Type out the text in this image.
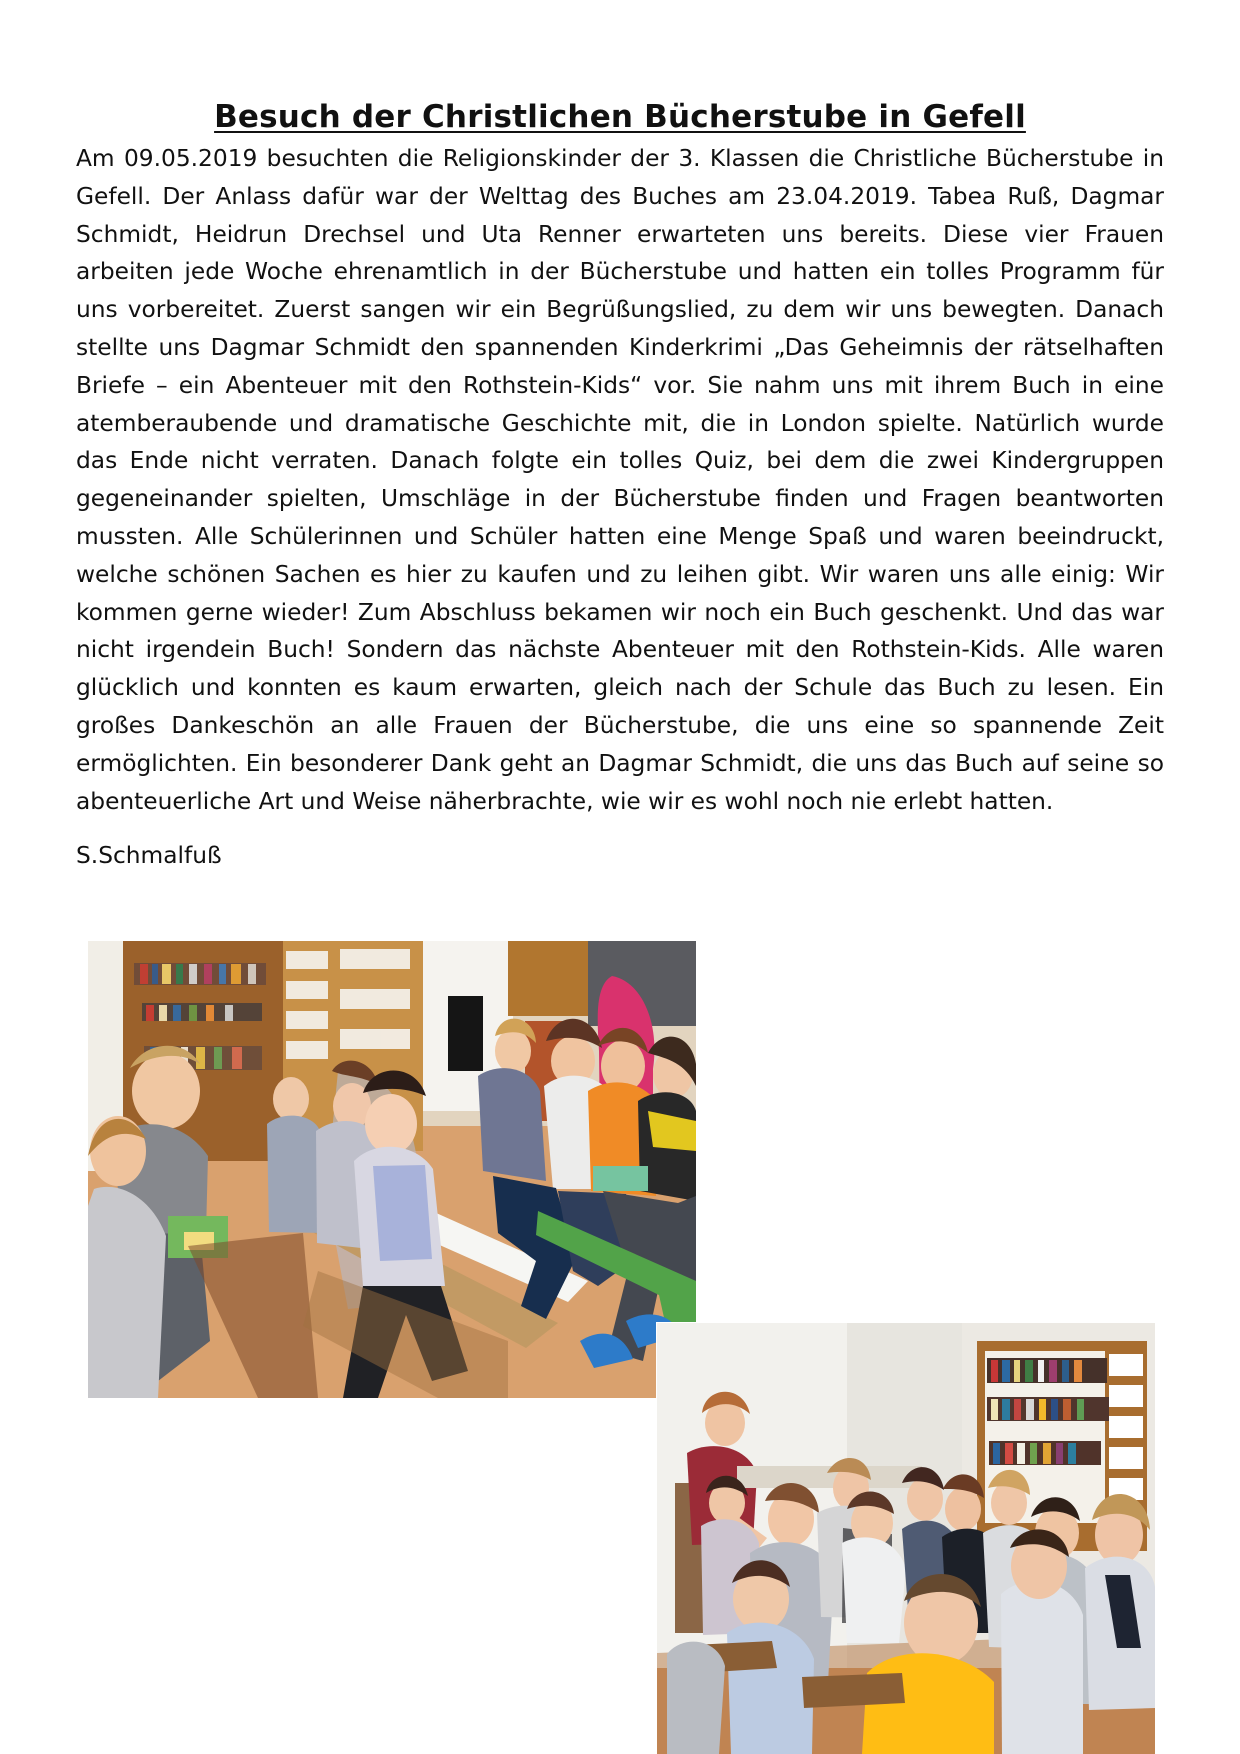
Besuch der Christlichen Bücherstube in Gefell

Am 09.05.2019 besuchten die Religionskinder der 3. Klassen die Christliche Bücherstube in Gefell. Der Anlass dafür war der Welttag des Buches am 23.04.2019. Tabea Ruß, Dagmar Schmidt, Heidrun Drechsel und Uta Renner erwarteten uns bereits. Diese vier Frauen arbeiten jede Woche ehrenamtlich in der Bücherstube und hatten ein tolles Programm für uns vorbereitet. Zuerst sangen wir ein Begrüßungslied, zu dem wir uns bewegten. Danach stellte uns Dagmar Schmidt den spannenden Kinderkrimi „Das Geheimnis der rätselhaften Briefe – ein Abenteuer mit den Rothstein-Kids“ vor. Sie nahm uns mit ihrem Buch in eine atemberaubende und dramatische Geschichte mit, die in London spielte. Natürlich wurde das Ende nicht verraten. Danach folgte ein tolles Quiz, bei dem die zwei Kindergruppen gegeneinander spielten, Umschläge in der Bücherstube finden und Fragen beantworten mussten. Alle Schülerinnen und Schüler hatten eine Menge Spaß und waren beeindruckt, welche schönen Sachen es hier zu kaufen und zu leihen gibt. Wir waren uns alle einig: Wir kommen gerne wieder! Zum Abschluss bekamen wir noch ein Buch geschenkt. Und das war nicht irgendein Buch! Sondern das nächste Abenteuer mit den Rothstein-Kids. Alle waren glücklich und konnten es kaum erwarten, gleich nach der Schule das Buch zu lesen. Ein großes Dankeschön an alle Frauen der Bücherstube, die uns eine so spannende Zeit ermöglichten. Ein besonderer Dank geht an Dagmar Schmidt, die uns das Buch auf seine so abenteuerliche Art und Weise näherbrachte, wie wir es wohl noch nie erlebt hatten.

S.Schmalfuß
